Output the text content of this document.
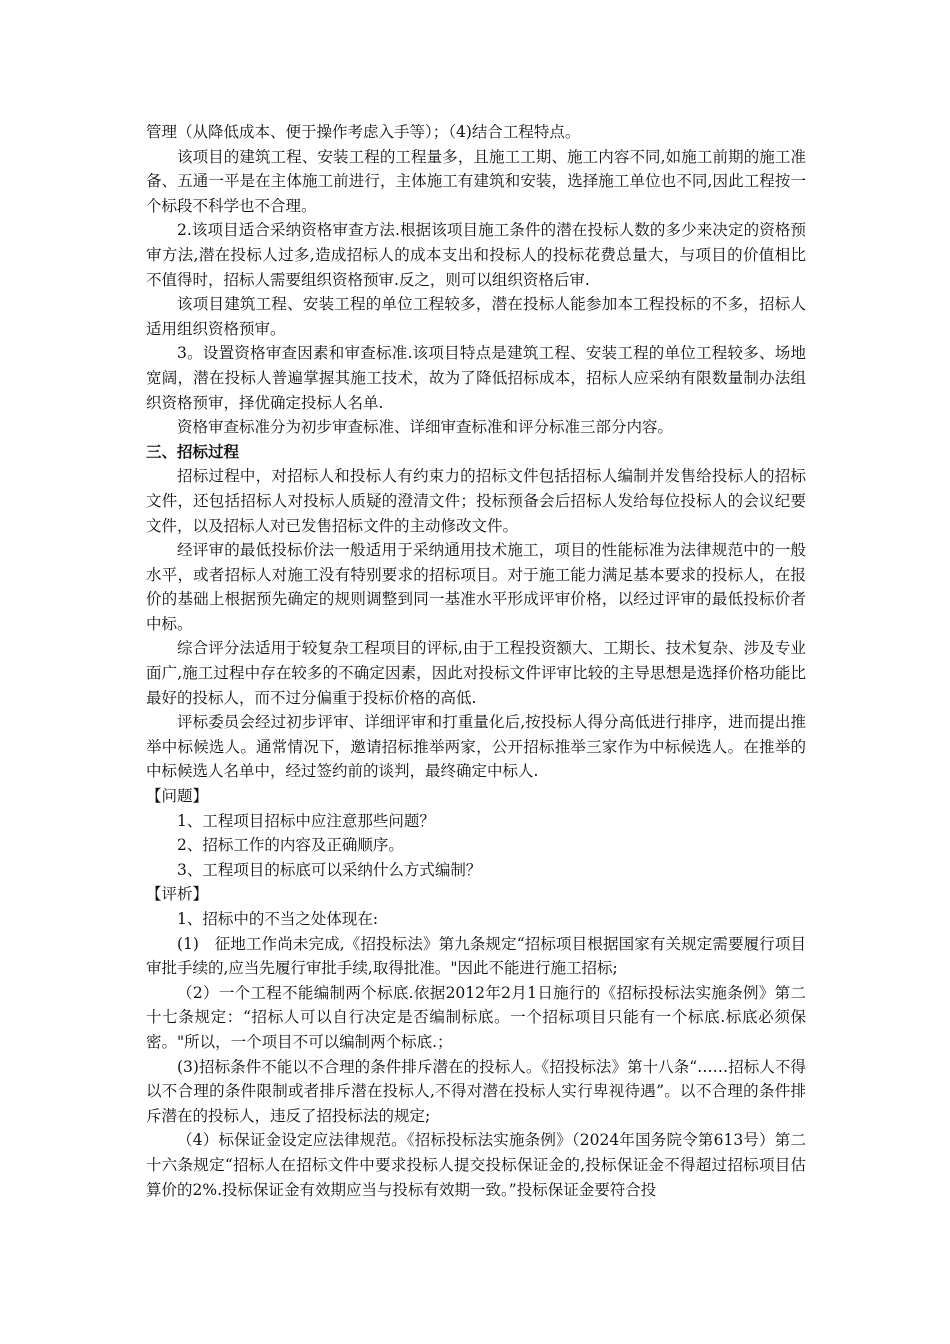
管理（从降低成本、便于操作考虑入手等）；（4)结合工程特点。

该项目的建筑工程、安装工程的工程量多，且施工工期、施工内容不同,如施工前期的施工准备、五通一平是在主体施工前进行，主体施工有建筑和安装，选择施工单位也不同,因此工程按一个标段不科学也不合理。

2.该项目适合采纳资格审查方法.根据该项目施工条件的潜在投标人数的多少来决定的资格预审方法,潜在投标人过多,造成招标人的成本支出和投标人的投标花费总量大，与项目的价值相比不值得时，招标人需要组织资格预审.反之，则可以组织资格后审.

该项目建筑工程、安装工程的单位工程较多，潜在投标人能参加本工程投标的不多，招标人适用组织资格预审。

3。设置资格审查因素和审查标准.该项目特点是建筑工程、安装工程的单位工程较多、场地宽阔，潜在投标人普遍掌握其施工技术，故为了降低招标成本，招标人应采纳有限数量制办法组织资格预审，择优确定投标人名单.

资格审查标准分为初步审查标准、详细审查标准和评分标准三部分内容。

三、招标过程

招标过程中，对招标人和投标人有约束力的招标文件包括招标人编制并发售给投标人的招标文件，还包括招标人对投标人质疑的澄清文件；投标预备会后招标人发给每位投标人的会议纪要文件，以及招标人对已发售招标文件的主动修改文件。

经评审的最低投标价法一般适用于采纳通用技术施工，项目的性能标准为法律规范中的一般水平，或者招标人对施工没有特别要求的招标项目。对于施工能力满足基本要求的投标人，在报价的基础上根据预先确定的规则调整到同一基准水平形成评审价格，以经过评审的最低投标价者中标。

综合评分法适用于较复杂工程项目的评标,由于工程投资额大、工期长、技术复杂、涉及专业面广,施工过程中存在较多的不确定因素，因此对投标文件评审比较的主导思想是选择价格功能比最好的投标人，而不过分偏重于投标价格的高低.

评标委员会经过初步评审、详细评审和打重量化后,按投标人得分高低进行排序，进而提出推举中标候选人。通常情况下，邀请招标推举两家，公开招标推举三家作为中标候选人。在推举的中标候选人名单中，经过签约前的谈判，最终确定中标人.

【问题】

1、工程项目招标中应注意那些问题？

2、招标工作的内容及正确顺序。

3、工程项目的标底可以采纳什么方式编制？

【评析】

1、招标中的不当之处体现在:

(1)　征地工作尚未完成,《招投标法》第九条规定“招标项目根据国家有关规定需要履行项目审批手续的,应当先履行审批手续,取得批准。"因此不能进行施工招标;

（2）一个工程不能编制两个标底.依据2012年2月1日施行的《招标投标法实施条例》第二十七条规定：“招标人可以自行决定是否编制标底。一个招标项目只能有一个标底.标底必须保密。"所以，一个项目不可以编制两个标底.；

(3)招标条件不能以不合理的条件排斥潜在的投标人。《招投标法》第十八条“……招标人不得以不合理的条件限制或者排斥潜在投标人,不得对潜在投标人实行卑视待遇”。以不合理的条件排斥潜在的投标人，违反了招投标法的规定;

（4）标保证金设定应法律规范。《招标投标法实施条例》（2024年国务院令第613号）第二十六条规定“招标人在招标文件中要求投标人提交投标保证金的,投标保证金不得超过招标项目估算价的2%.投标保证金有效期应当与投标有效期一致。”投标保证金要符合投
